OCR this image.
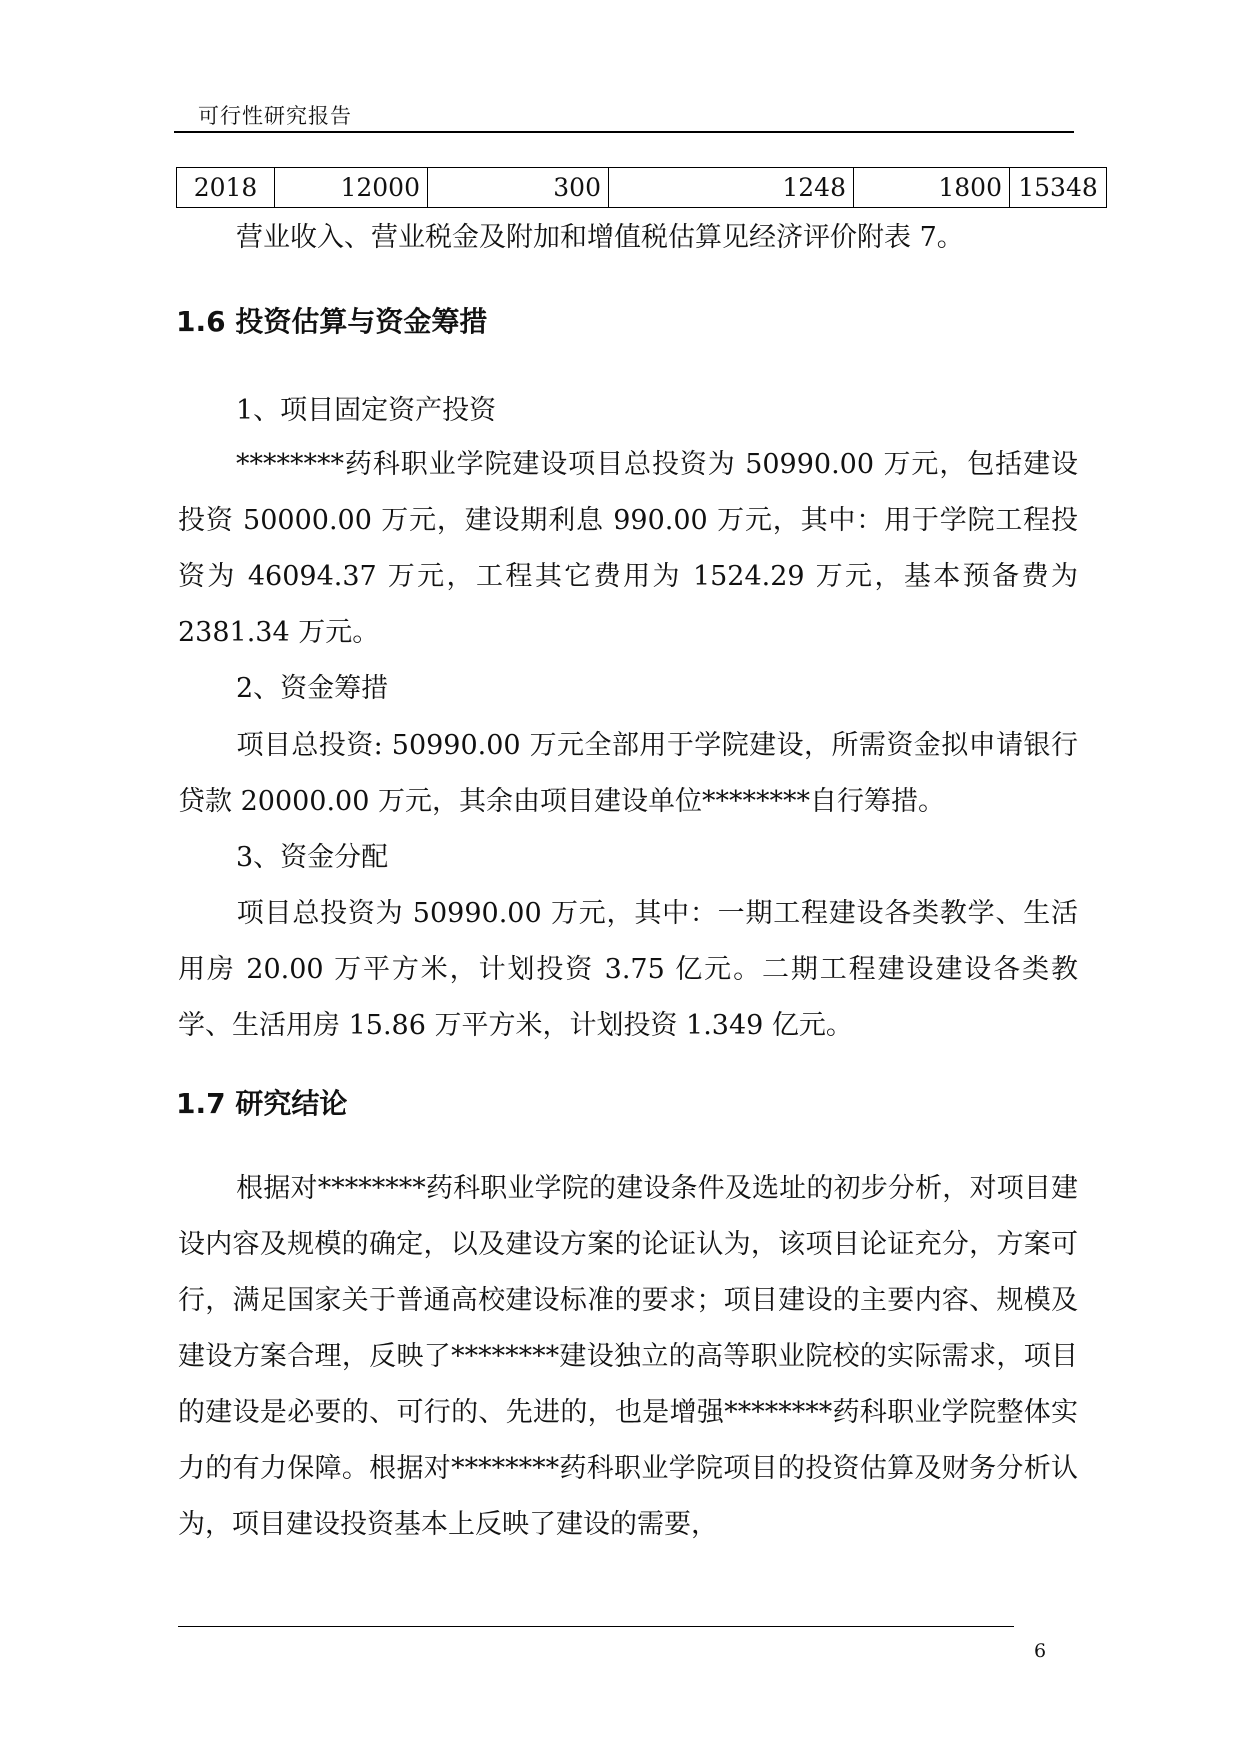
可行性研究报告
2018	12000	300	1248	1800	15348
营业收入、营业税金及附加和增值税估算见经济评价附表 7。
1.6 投资估算与资金筹措
1、项目固定资产投资
********药科职业学院建设项目总投资为 50990.00 万元，包括建设投资 50000.00 万元，建设期利息 990.00 万元，其中：用于学院工程投资为 46094.37 万元，工程其它费用为 1524.29 万元，基本预备费为 2381.34 万元。
2、资金筹措
项目总投资: 50990.00 万元全部用于学院建设，所需资金拟申请银行贷款 20000.00 万元，其余由项目建设单位********自行筹措。
3、资金分配
项目总投资为 50990.00 万元，其中：一期工程建设各类教学、生活用房 20.00 万平方米，计划投资 3.75 亿元。二期工程建设建设各类教学、生活用房 15.86 万平方米，计划投资 1.349 亿元。
1.7 研究结论
根据对********药科职业学院的建设条件及选址的初步分析，对项目建设内容及规模的确定，以及建设方案的论证认为，该项目论证充分，方案可行，满足国家关于普通高校建设标准的要求；项目建设的主要内容、规模及建设方案合理，反映了********建设独立的高等职业院校的实际需求，项目的建设是必要的、可行的、先进的，也是增强********药科职业学院整体实力的有力保障。根据对********药科职业学院项目的投资估算及财务分析认为，项目建设投资基本上反映了建设的需要，
6
